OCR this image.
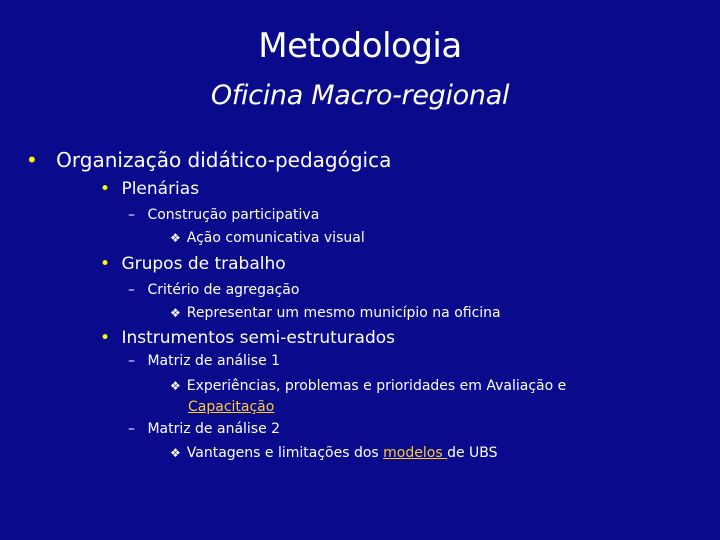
Metodologia
Oficina Macro-regional
• Organização didático-pedagógica
• Plenárias
– Construção participativa
❖ Ação comunicativa visual
• Grupos de trabalho
– Critério de agregação
❖ Representar um mesmo município na oficina
• Instrumentos semi-estruturados
– Matriz de análise 1
❖ Experiências, problemas e prioridades em Avaliação e
Capacitação
– Matriz de análise 2
❖ Vantagens e limitações dos modelos de UBS
